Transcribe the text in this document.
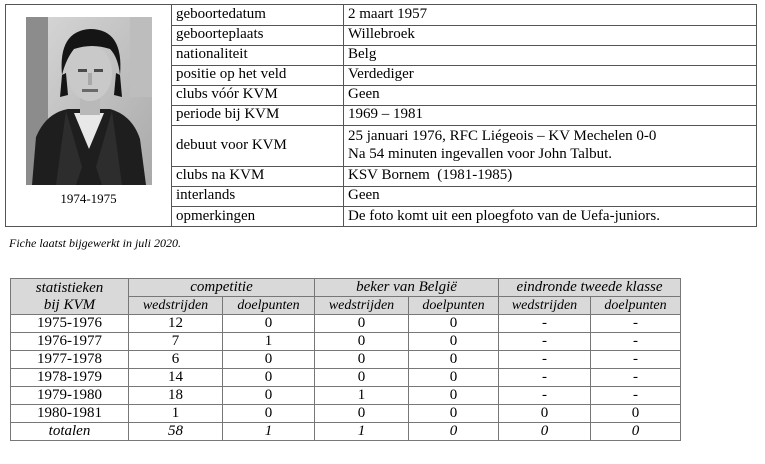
1974-1975
geboortedatum	2 maart 1957
geboorteplaats	Willebroek
nationaliteit	Belg
positie op het veld	Verdediger
clubs vóór KVM	Geen
periode bij KVM	1969 – 1981
debuut voor KVM	25 januari 1976, RFC Liégeois – KV Mechelen 0-0
Na 54 minuten ingevallen voor John Talbut.

clubs na KVM	KSV Bornem  (1981-1985)
interlands	Geen
opmerkingen	De foto komt uit een ploegfoto van de Uefa-juniors.
Fiche laatst bijgewerkt in juli 2020.
statistieken
bij KVM	competitie		beker van België		eindronde tweede klasse	
	wedstrijden	doelpunten	wedstrijden	doelpunten	wedstrijden	doelpunten
1975-1976	12	0	0	0	-	-
1976-1977	7	1	0	0	-	-
1977-1978	6	0	0	0	-	-
1978-1979	14	0	0	0	-	-
1979-1980	18	0	1	0	-	-
1980-1981	1	0	0	0	0	0
totalen	58	1	1	0	0	0
